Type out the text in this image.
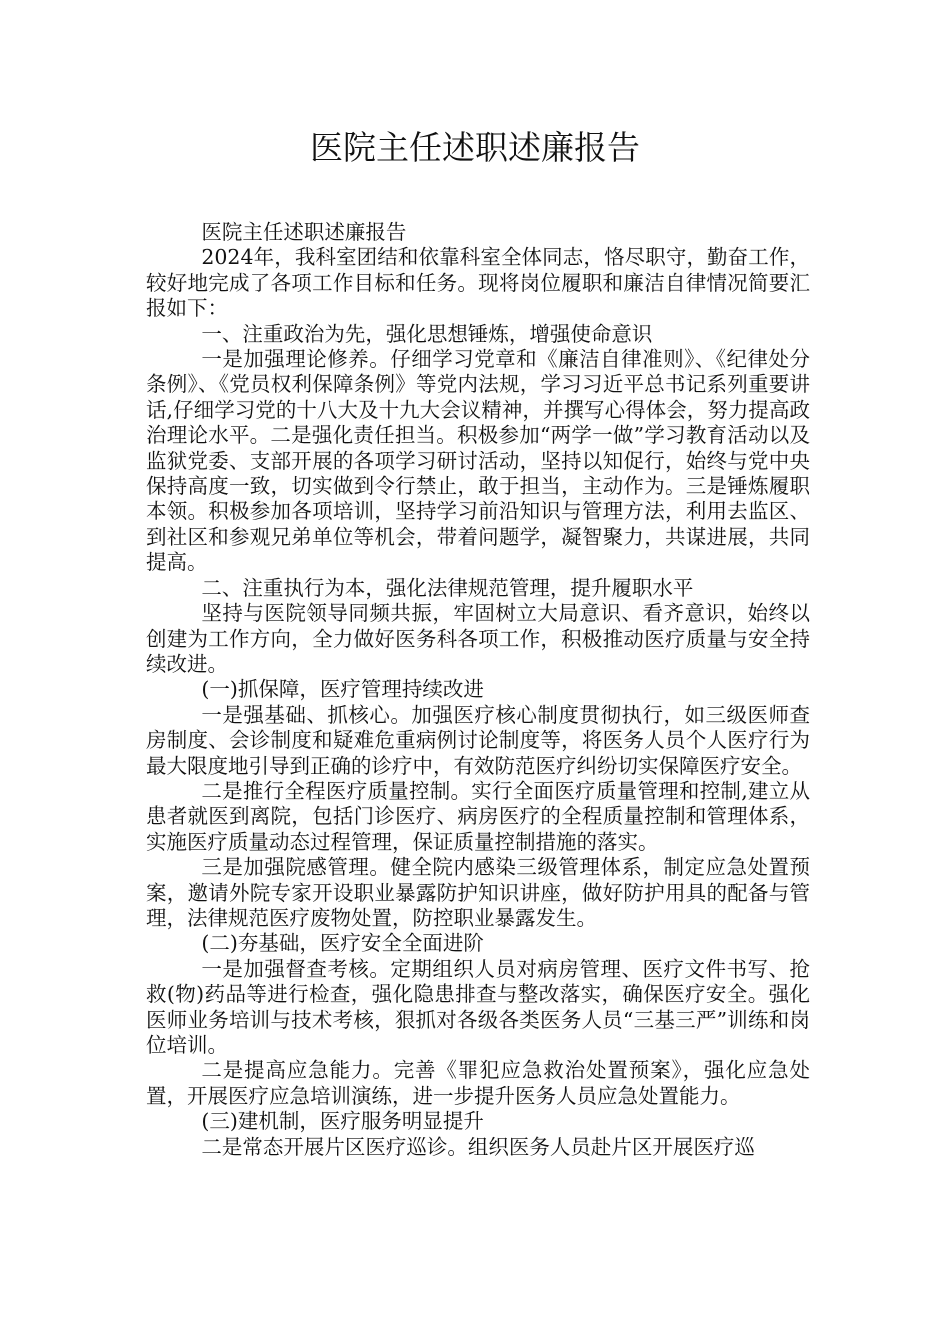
医院主任述职述廉报告

医院主任述职述廉报告

2024年，我科室团结和依靠科室全体同志，恪尽职守，勤奋工作，较好地完成了各项工作目标和任务。现将岗位履职和廉洁自律情况简要汇报如下：

一、注重政治为先，强化思想锤炼，增强使命意识

一是加强理论修养。仔细学习党章和《廉洁自律准则》、《纪律处分条例》、《党员权利保障条例》等党内法规，学习习近平总书记系列重要讲话,仔细学习党的十八大及十九大会议精神，并撰写心得体会，努力提高政治理论水平。二是强化责任担当。积极参加“两学一做”学习教育活动以及监狱党委、支部开展的各项学习研讨活动，坚持以知促行，始终与党中央保持高度一致，切实做到令行禁止，敢于担当，主动作为。三是锤炼履职本领。积极参加各项培训，坚持学习前沿知识与管理方法，利用去监区、到社区和参观兄弟单位等机会，带着问题学，凝智聚力，共谋进展，共同提高。

二、注重执行为本，强化法律规范管理，提升履职水平

坚持与医院领导同频共振，牢固树立大局意识、看齐意识，始终以创建为工作方向，全力做好医务科各项工作，积极推动医疗质量与安全持续改进。

(一)抓保障，医疗管理持续改进

一是强基础、抓核心。加强医疗核心制度贯彻执行，如三级医师查房制度、会诊制度和疑难危重病例讨论制度等，将医务人员个人医疗行为最大限度地引导到正确的诊疗中，有效防范医疗纠纷切实保障医疗安全。

二是推行全程医疗质量控制。实行全面医疗质量管理和控制,建立从患者就医到离院，包括门诊医疗、病房医疗的全程质量控制和管理体系，实施医疗质量动态过程管理，保证质量控制措施的落实。

三是加强院感管理。健全院内感染三级管理体系，制定应急处置预案，邀请外院专家开设职业暴露防护知识讲座，做好防护用具的配备与管理，法律规范医疗废物处置，防控职业暴露发生。

(二)夯基础，医疗安全全面进阶

一是加强督查考核。定期组织人员对病房管理、医疗文件书写、抢救(物)药品等进行检查，强化隐患排查与整改落实，确保医疗安全。强化医师业务培训与技术考核，狠抓对各级各类医务人员“三基三严”训练和岗位培训。

二是提高应急能力。完善《罪犯应急救治处置预案》，强化应急处置，开展医疗应急培训演练，进一步提升医务人员应急处置能力。

(三)建机制，医疗服务明显提升

二是常态开展片区医疗巡诊。组织医务人员赴片区开展医疗巡
